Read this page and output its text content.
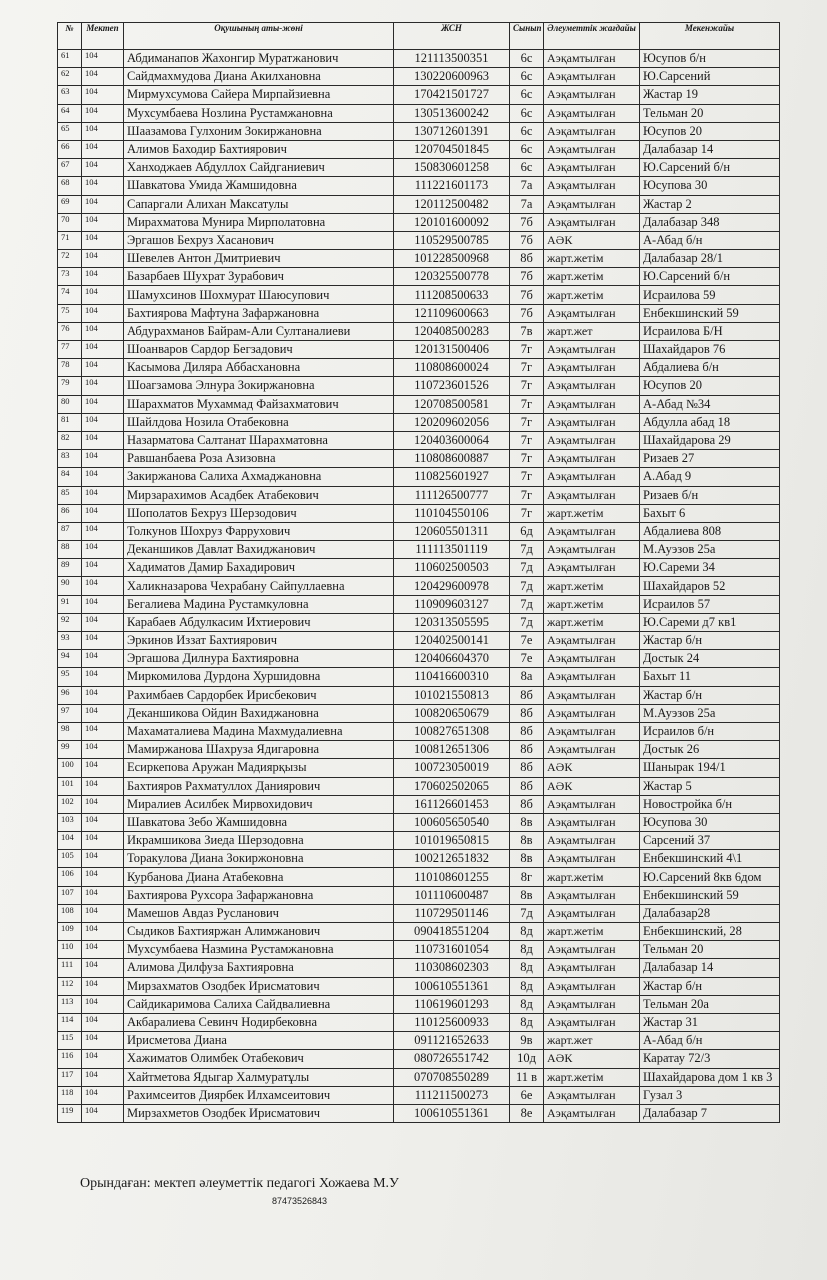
№	Мектеп	Оқушының аты-жөні	ЖСН	Сынып	Әлеуметтік жағдайы	Мекенжайы
61	104	Абдиманапов Жахонгир Муратжанович	121113500351	6с	Аэқамтылған	Юсупов б/н
62	104	Сайдмахмудова Диана Акилхановна	130220600963	6с	Аэқамтылған	Ю.Сарсений
63	104	Мирмухсумова Сайера Мирпайзиевна	170421501727	6с	Аэқамтылған	Жастар 19
64	104	Мухсумбаева Нозлина Рустамжановна	130513600242	6с	Аэқамтылған	Тельман 20
65	104	Шаазамова Гулхоним Зокиржановна	130712601391	6с	Аэқамтылған	Юсупов 20
66	104	Алимов Баходир Бахтиярович	120704501845	6с	Аэқамтылған	Далабазар 14
67	104	Ханходжаев Абдуллох Сайдганиевич	150830601258	6с	Аэқамтылған	Ю.Сарсений б/н
68	104	Шавкатова Умида Жамшидовна	111221601173	7а	Аэқамтылған	Юсупова 30
69	104	Сапаргали Алихан Максатулы	120112500482	7а	Аэқамтылған	Жастар 2
70	104	Мирахматова Мунира Мирполатовна	120101600092	7б	Аэқамтылған	Далабазар 348
71	104	Эргашов Бехруз Хасанович	110529500785	7б	АӘК	А-Абад б/н
72	104	Шевелев Антон Дмитриевич	101228500968	8б	жарт.жетім	Далабазар 28/1
73	104	Базарбаев Шухрат Зурабович	120325500778	7б	жарт.жетім	Ю.Сарсений б/н
74	104	Шамухсинов Шохмурат Шаюсупович	111208500633	7б	жарт.жетім	Исраилова 59
75	104	Бахтиярова Мафтуна Зафаржановна	121109600663	7б	Аэқамтылған	Енбекшинский 59
76	104	Абдурахманов Байрам-Али Султаналиеви	120408500283	7в	жарт.жет	Исраилова Б/Н
77	104	Шоанваров Сардор Бегзадович	120131500406	7г	Аэқамтылған	Шахайдаров 76
78	104	Касымова Диляра Аббасхановна	110808600024	7г	Аэқамтылған	Абдалиева б/н
79	104	Шоагзамова Элнура Зокиржановна	110723601526	7г	Аэқамтылған	Юсупов 20
80	104	Шарахматов Мухаммад Файзахматович	120708500581	7г	Аэқамтылған	А-Абад №34
81	104	Шайлдова Нозила Отабековна	120209602056	7г	Аэқамтылған	Абдулла абад 18
82	104	Назарматова Салтанат Шарахматовна	120403600064	7г	Аэқамтылған	Шахайдарова 29
83	104	Равшанбаева Роза Азизовна	110808600887	7г	Аэқамтылған	Ризаев 27
84	104	Закиржанова Салиха Ахмаджановна	110825601927	7г	Аэқамтылған	А.Абад 9
85	104	Мирзарахимов Асадбек Атабекович	111126500777	7г	Аэқамтылған	Ризаев б/н
86	104	Шополатов Бехруз Шерзодович	110104550106	7г	жарт.жетім	Бахыт 6
87	104	Толкунов Шохруз Фаррухович	120605501311	6д	Аэқамтылған	Абдалиева 808
88	104	Деканшиков Давлат Вахиджанович	111113501119	7д	Аэқамтылған	М.Ауэзов 25а
89	104	Хадиматов Дамир Бахадирович	110602500503	7д	Аэқамтылған	Ю.Сареми 34
90	104	Халикназарова Чехрабану Сайпуллаевна	120429600978	7д	жарт.жетім	Шахайдаров 52
91	104	Бегалиева Мадина Рустамкуловна	110909603127	7д	жарт.жетім	Исраилов 57
92	104	Карабаев Абдулкасим Ихтиерович	120313505595	7д	жарт.жетім	Ю.Сареми д7 кв1
93	104	Эркинов Иззат Бахтиярович	120402500141	7е	Аэқамтылған	Жастар б/н
94	104	Эргашова Дилнура Бахтияровна	120406604370	7е	Аэқамтылған	Достык 24
95	104	Миркомилова Дурдона Хуршидовна	110416600310	8а	Аэқамтылған	Бахыт 11
96	104	Рахимбаев Сардорбек Ирисбекович	101021550813	8б	Аэқамтылған	Жастар б/н
97	104	Деканшикова Ойдин Вахиджановна	100820650679	8б	Аэқамтылған	М.Ауэзов 25а
98	104	Махаматалиева Мадина Махмудалиевна	100827651308	8б	Аэқамтылған	Исраилов б/н
99	104	Мамиржанова Шахруза Ядигаровна	100812651306	8б	Аэқамтылған	Достык 26
100	104	Есиркепова Аружан Мадиярқызы	100723050019	8б	АӘК	Шанырак 194/1
101	104	Бахтияров Рахматуллох Даниярович	170602502065	8б	АӘК	Жастар 5
102	104	Миралиев Асилбек Мирвохидович	161126601453	8б	Аэқамтылған	Новостройка б/н
103	104	Шавкатова Зебо Жамшидовна	100605650540	8в	Аэқамтылған	Юсупова 30
104	104	Икрамшикова Зиеда Шерзодовна	101019650815	8в	Аэқамтылған	Сарсений 37
105	104	Торакулова Диана Зокиржоновна	100212651832	8в	Аэқамтылған	Енбекшинский 4\1
106	104	Курбанова Диана Атабековна	110108601255	8г	жарт.жетім	Ю.Сарсений 8кв 6дом
107	104	Бахтиярова Рухсора Зафаржановна	101110600487	8в	Аэқамтылған	Енбекшинский 59
108	104	Мамешов Авдаз Русланович	110729501146	7д	Аэқамтылған	Далабазар28
109	104	Сыдиков Бахтияржан Алимжанович	090418551204	8д	жарт.жетім	Енбекшинский, 28
110	104	Мухсумбаева Назмина Рустамжановна	110731601054	8д	Аэқамтылған	Тельман 20
111	104	Алимова Дилфуза Бахтияровна	110308602303	8д	Аэқамтылған	Далабазар 14
112	104	Мирзахматов Озодбек Ирисматович	100610551361	8д	Аэқамтылған	Жастар б/н
113	104	Сайдикаримова Салиха Сайдвалиевна	110619601293	8д	Аэқамтылған	Тельман 20а
114	104	Акбаралиева Севинч Нодирбековна	110125600933	8д	Аэқамтылған	Жастар 31
115	104	Ирисметова Диана	091121652633	9в	жарт.жет	А-Абад б/н
116	104	Хажиматов Олимбек Отабекович	080726551742	10д	АӘК	Каратау 72/3
117	104	Хайтметова Ядыгар Халмуратұлы	070708550289	11 в	жарт.жетім	Шахайдарова дом 1 кв 3
118	104	Рахимсеитов Диярбек Илхамсеитович	111211500273	6е	Аэқамтылған	Гузал 3
119	104	Мирзахметов Озодбек Ирисматович	100610551361	8е	Аэқамтылған	Далабазар 7
Орындаған: мектеп әлеуметтік педагогі Хожаева М.У
87473526843
